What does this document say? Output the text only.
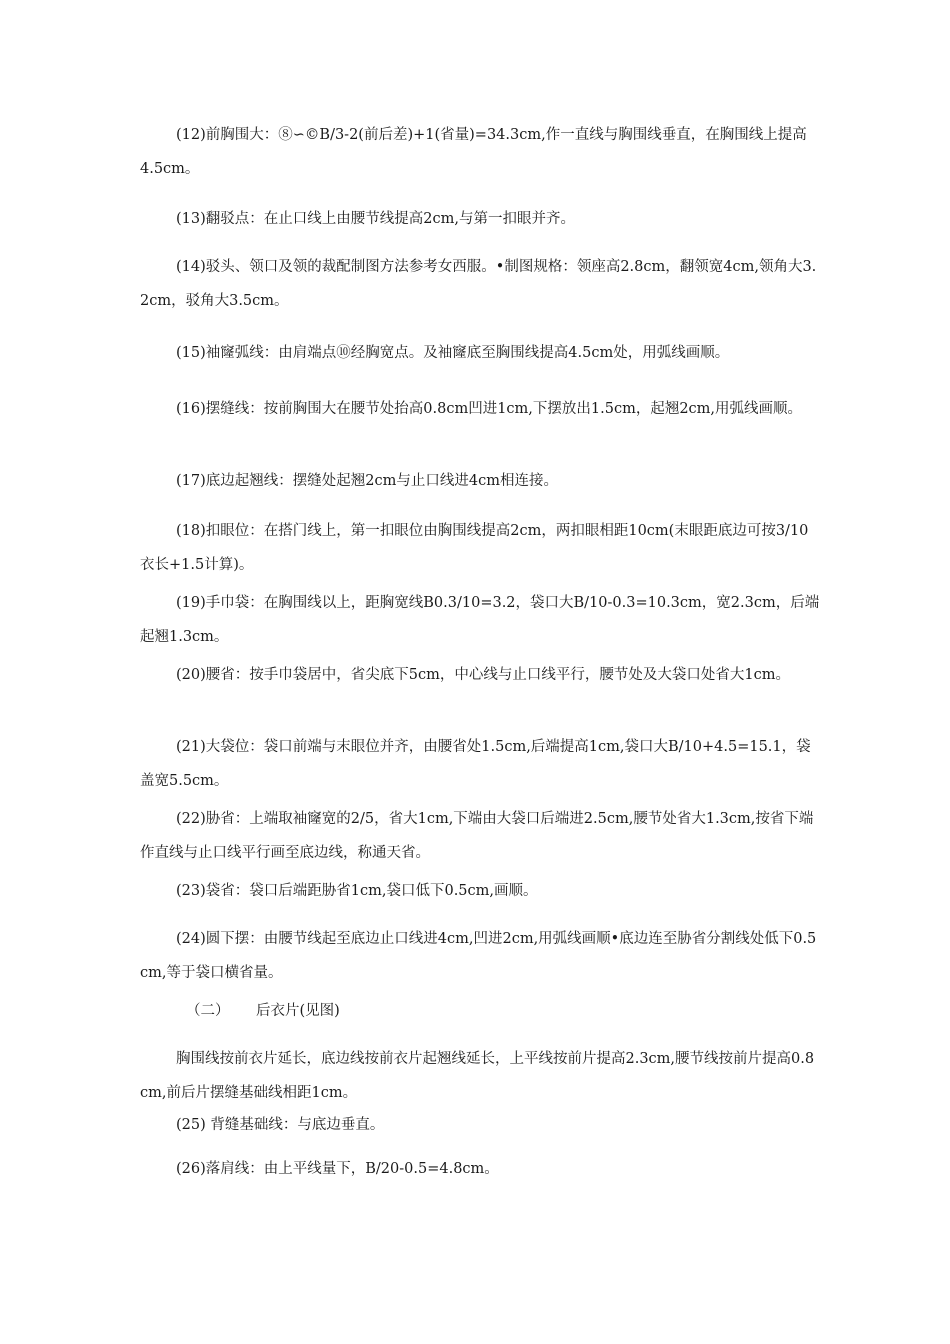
(12)前胸围大：⑧∽©B/3-2(前后差)+1(省量)=34.3cm,作一直线与胸围线垂直，在胸围线上提高4.5cm。

(13)翻驳点：在止口线上由腰节线提高2cm,与第一扣眼并齐。

(14)驳头、领口及领的裁配制图方法参考女西服。•制图规格：领座高2.8cm，翻领宽4cm,领角大3.2cm，驳角大3.5cm。

(15)袖窿弧线：由肩端点⑩经胸宽点。及袖窿底至胸围线提高4.5cm处，用弧线画顺。

(16)摆缝线：按前胸围大在腰节处抬高0.8cm凹进1cm,下摆放出1.5cm，起翘2cm,用弧线画顺。

(17)底边起翘线：摆缝处起翘2cm与止口线进4cm相连接。

(18)扣眼位：在搭门线上，第一扣眼位由胸围线提高2cm，两扣眼相距10cm(末眼距底边可按3/10衣长+1.5计算)。

(19)手巾袋：在胸围线以上，距胸宽线B0.3/10=3.2，袋口大B/10-0.3=10.3cm，宽2.3cm，后端起翘1.3cm。

(20)腰省：按手巾袋居中，省尖底下5cm，中心线与止口线平行，腰节处及大袋口处省大1cm。

(21)大袋位：袋口前端与末眼位并齐，由腰省处1.5cm,后端提高1cm,袋口大B/10+4.5=15.1，袋盖宽5.5cm。

(22)胁省：上端取袖窿宽的2/5，省大1cm,下端由大袋口后端进2.5cm,腰节处省大1.3cm,按省下端作直线与止口线平行画至底边线，称通天省。

(23)袋省：袋口后端距胁省1cm,袋口低下0.5cm,画顺。

(24)圆下摆：由腰节线起至底边止口线进4cm,凹进2cm,用弧线画顺•底边连至胁省分割线处低下0.5cm,等于袋口横省量。

（二） 后衣片(见图)

胸围线按前衣片延长，底边线按前衣片起翘线延长，上平线按前片提高2.3cm,腰节线按前片提高0.8cm,前后片摆缝基础线相距1cm。

(25) 背缝基础线：与底边垂直。

(26)落肩线：由上平线量下，B/20-0.5=4.8cm。
